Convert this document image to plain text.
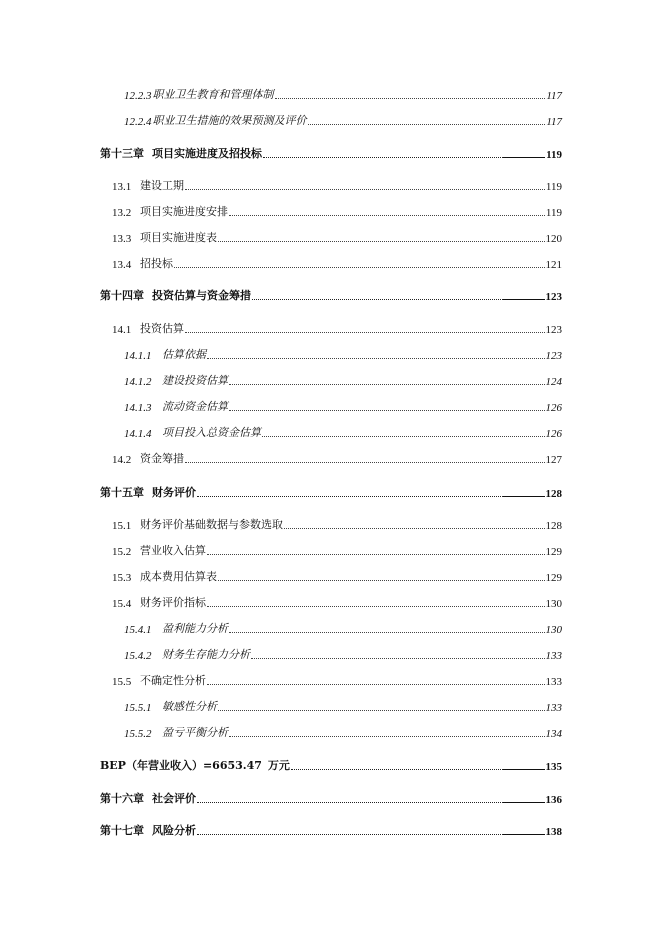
12.2.3 职业卫生教育和管理体制	117
12.2.4 职业卫生措施的效果预测及评价	117
第十三章 项目实施进度及招投标	119
13.1 建设工期	119
13.2 项目实施进度安排	119
13.3 项目实施进度表	120
13.4 招投标	121
第十四章 投资估算与资金筹措	123
14.1 投资估算	123
14.1.1 估算依据	123
14.1.2 建设投资估算	124
14.1.3 流动资金估算	126
14.1.4 项目投入总资金估算	126
14.2 资金筹措	127
第十五章 财务评价	128
15.1 财务评价基础数据与参数选取	128
15.2 营业收入估算	129
15.3 成本费用估算表	129
15.4 财务评价指标	130
15.4.1 盈利能力分析	130
15.4.2 财务生存能力分析	133
15.5 不确定性分析	133
15.5.1 敏感性分析	133
15.5.2 盈亏平衡分析	134
BEP（年营业收入）=6653.47 万元	135
第十六章 社会评价	136
第十七章 风险分析	138
